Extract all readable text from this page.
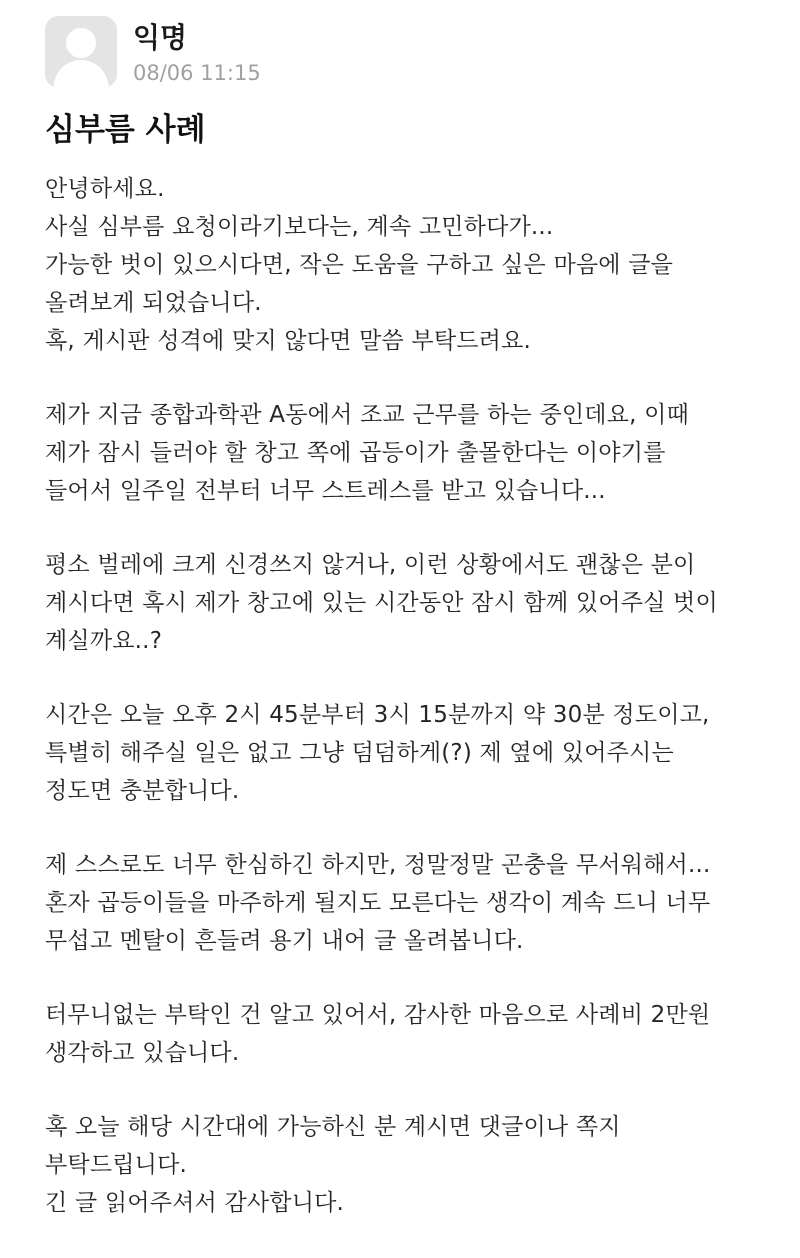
익명
08/06 11:15
심부름 사례

안녕하세요.
사실 심부름 요청이라기보다는, 계속 고민하다가...
가능한 벗이 있으시다면, 작은 도움을 구하고 싶은 마음에 글을
올려보게 되었습니다.
혹, 게시판 성격에 맞지 않다면 말씀 부탁드려요.

제가 지금 종합과학관 A동에서 조교 근무를 하는 중인데요, 이때
제가 잠시 들러야 할 창고 쪽에 곱등이가 출몰한다는 이야기를
들어서 일주일 전부터 너무 스트레스를 받고 있습니다...

평소 벌레에 크게 신경쓰지 않거나, 이런 상황에서도 괜찮은 분이
계시다면 혹시 제가 창고에 있는 시간동안 잠시 함께 있어주실 벗이
계실까요..?

시간은 오늘 오후 2시 45분부터 3시 15분까지 약 30분 정도이고,
특별히 해주실 일은 없고 그냥 덤덤하게(?) 제 옆에 있어주시는
정도면 충분합니다.

제 스스로도 너무 한심하긴 하지만, 정말정말 곤충을 무서워해서...
혼자 곱등이들을 마주하게 될지도 모른다는 생각이 계속 드니 너무
무섭고 멘탈이 흔들려 용기 내어 글 올려봅니다.

터무니없는 부탁인 건 알고 있어서, 감사한 마음으로 사례비 2만원
생각하고 있습니다.

혹 오늘 해당 시간대에 가능하신 분 계시면 댓글이나 쪽지
부탁드립니다.
긴 글 읽어주셔서 감사합니다.
